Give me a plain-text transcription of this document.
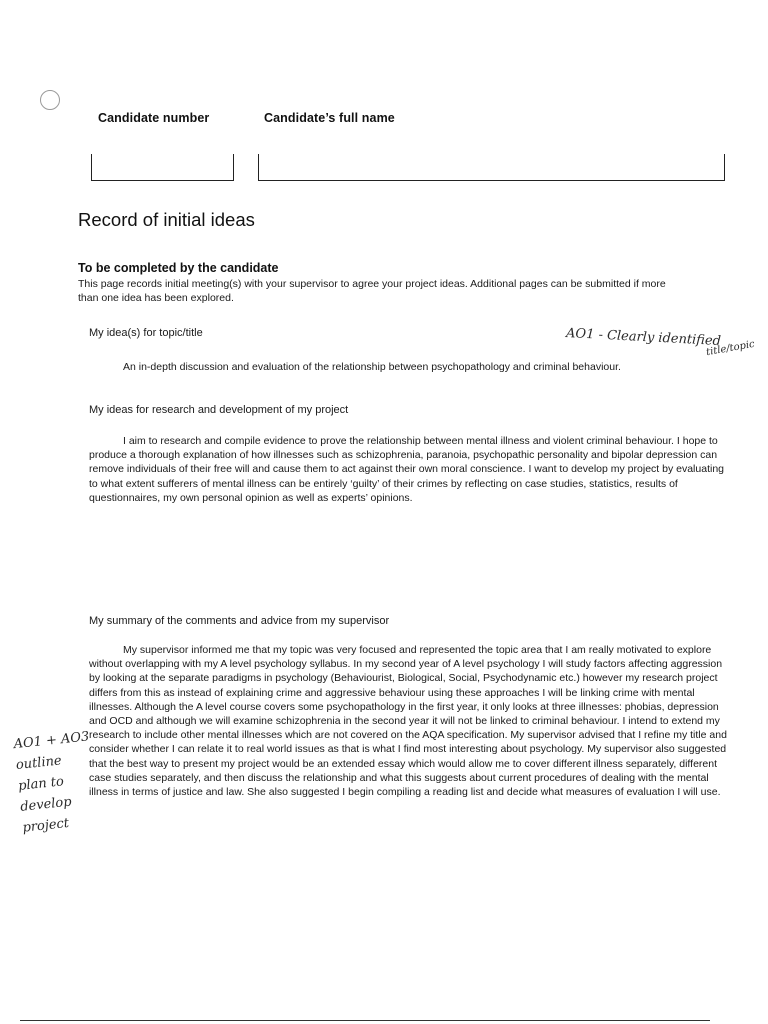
Candidate number	Candidate’s full name
Record of initial ideas
To be completed by the candidate

This page records initial meeting(s) with your supervisor to agree your project ideas. Additional pages can be submitted if more than one idea has been explored.

My idea(s) for topic/title

An in-depth discussion and evaluation of the relationship between psychopathology and criminal behaviour.

AO1 - Clearly identified

title/topic

My ideas for research and development of my project

I aim to research and compile evidence to prove the relationship between mental illness and violent criminal behaviour. I hope to produce a thorough explanation of how illnesses such as schizophrenia, paranoia, psychopathic personality and bipolar depression can remove individuals of their free will and cause them to act against their own moral conscience. I want to develop my project by evaluating to what extent sufferers of mental illness can be entirely ‘guilty’ of their crimes by reflecting on case studies, statistics, results of questionnaires, my own personal opinion as well as experts’ opinions.

My summary of the comments and advice from my supervisor

My supervisor informed me that my topic was very focused and represented the topic area that I am really motivated to explore without overlapping with my A level psychology syllabus. In my second year of A level psychology I will study factors affecting aggression by looking at the separate paradigms in psychology (Behaviourist, Biological, Social, Psychodynamic etc.) however my research project differs from this as instead of explaining crime and aggressive behaviour using these approaches I will be linking crime with mental illnesses. Although the A level course covers some psychopathology in the first year, it only looks at three illnesses: phobias, depression and OCD and although we will examine schizophrenia in the second year it will not be linked to criminal behaviour. I intend to extend my research to include other mental illnesses which are not covered on the AQA specification. My supervisor advised that I refine my title and consider whether I can relate it to real world issues as that is what I find most interesting about psychology. My supervisor also suggested that the best way to present my project would be an extended essay which would allow me to cover different illness separately, different case studies separately, and then discuss the relationship and what this suggests about current procedures of dealing with the mental illness in terms of justice and law. She also suggested I begin compiling a reading list and decide what measures of evaluation I will use.

AO1 + AO3
outline
plan to
develop
project
